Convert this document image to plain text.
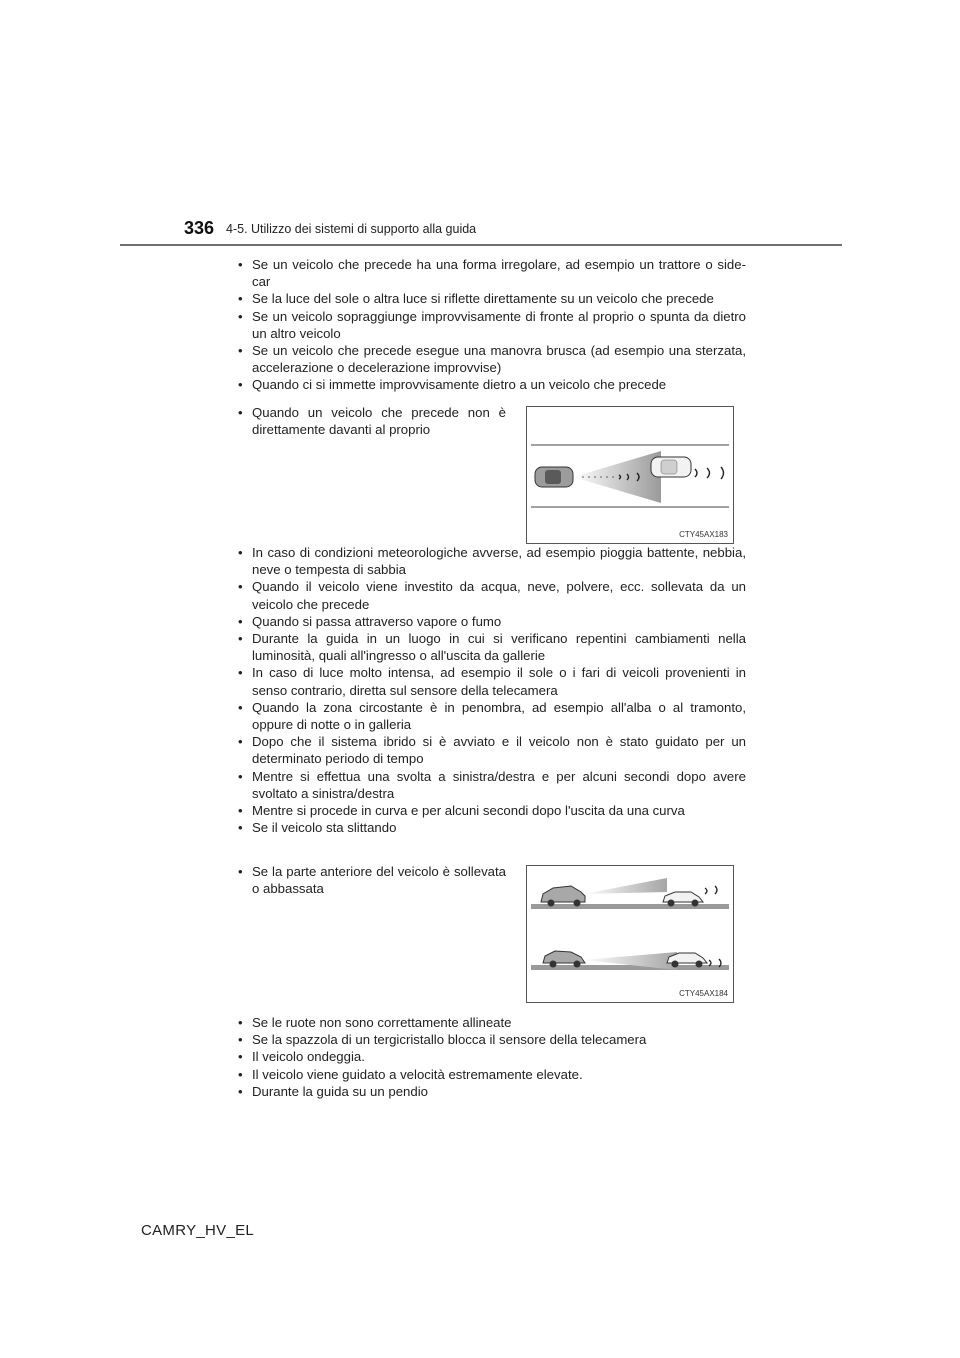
336 4-5. Utilizzo dei sistemi di supporto alla guida
• Se un veicolo che precede ha una forma irregolare, ad esempio un trattore o side-car
• Se la luce del sole o altra luce si riflette direttamente su un veicolo che precede
• Se un veicolo sopraggiunge improvvisamente di fronte al proprio o spunta da dietro un altro veicolo
• Se un veicolo che precede esegue una manovra brusca (ad esempio una sterzata, accelerazione o decelerazione improvvise)
• Quando ci si immette improvvisamente dietro a un veicolo che precede
• Quando un veicolo che precede non è direttamente davanti al proprio
CTY45AX183
• In caso di condizioni meteorologiche avverse, ad esempio pioggia battente, nebbia, neve o tempesta di sabbia
• Quando il veicolo viene investito da acqua, neve, polvere, ecc. sollevata da un veicolo che precede
• Quando si passa attraverso vapore o fumo
• Durante la guida in un luogo in cui si verificano repentini cambiamenti nella luminosità, quali all'ingresso o all'uscita da gallerie
• In caso di luce molto intensa, ad esempio il sole o i fari di veicoli provenienti in senso contrario, diretta sul sensore della telecamera
• Quando la zona circostante è in penombra, ad esempio all'alba o al tramonto, oppure di notte o in galleria
• Dopo che il sistema ibrido si è avviato e il veicolo non è stato guidato per un determinato periodo di tempo
• Mentre si effettua una svolta a sinistra/destra e per alcuni secondi dopo avere svoltato a sinistra/destra
• Mentre si procede in curva e per alcuni secondi dopo l'uscita da una curva
• Se il veicolo sta slittando
• Se la parte anteriore del veicolo è sollevata o abbassata
CTY45AX184
• Se le ruote non sono correttamente allineate
• Se la spazzola di un tergicristallo blocca il sensore della telecamera
• Il veicolo ondeggia.
• Il veicolo viene guidato a velocità estremamente elevate.
• Durante la guida su un pendio
CAMRY_HV_EL
